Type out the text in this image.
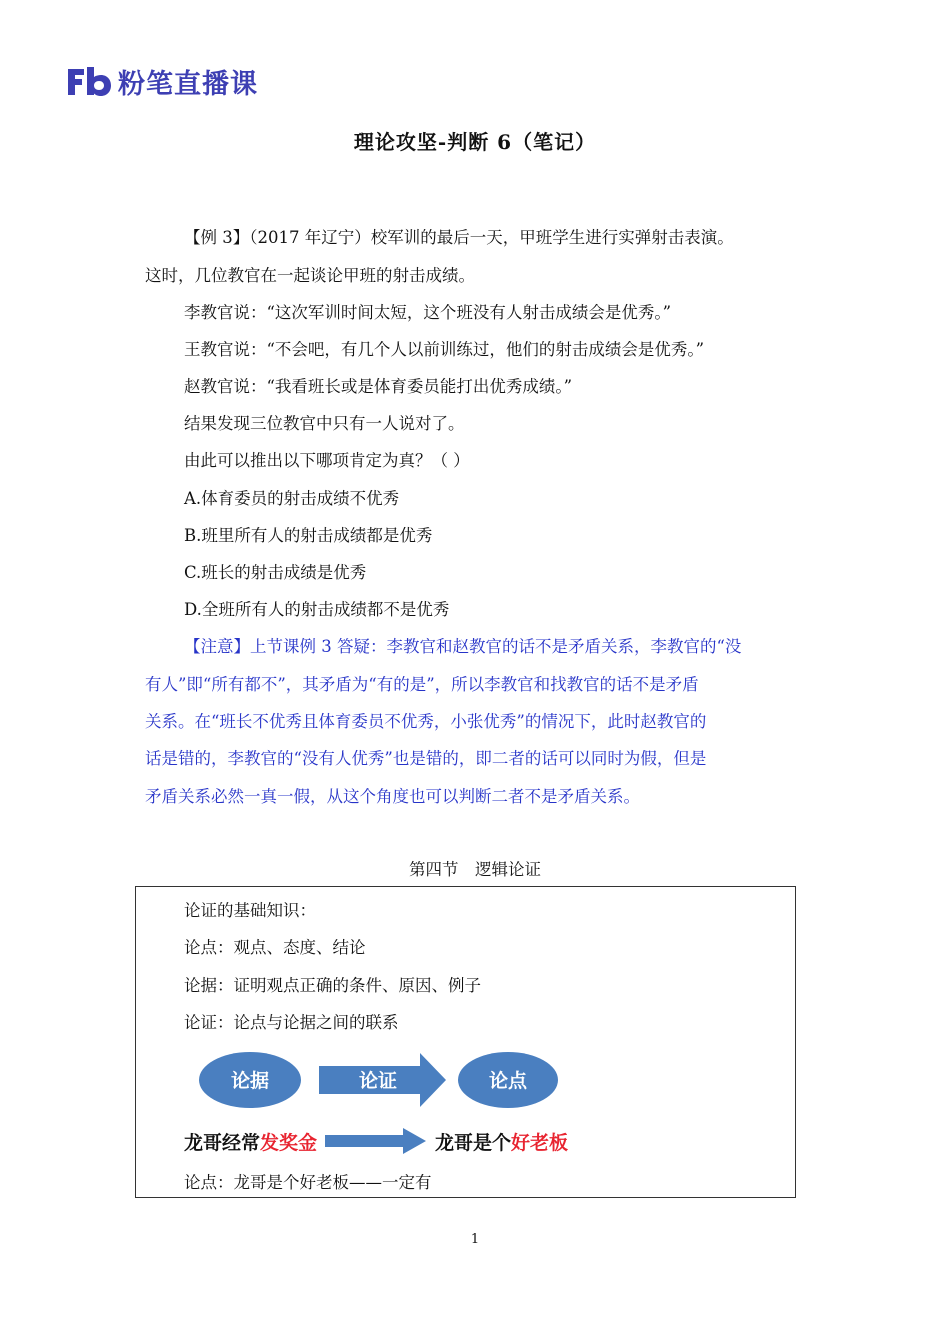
粉笔直播课
理论攻坚-判断 6（笔记）
【例 3】（2017 年辽宁）校军训的最后一天，甲班学生进行实弹射击表演。
这时，几位教官在一起谈论甲班的射击成绩。
李教官说：“这次军训时间太短，这个班没有人射击成绩会是优秀。”
王教官说：“不会吧，有几个人以前训练过，他们的射击成绩会是优秀。”
赵教官说：“我看班长或是体育委员能打出优秀成绩。”
结果发现三位教官中只有一人说对了。
由此可以推出以下哪项肯定为真？（ ）
A.体育委员的射击成绩不优秀
B.班里所有人的射击成绩都是优秀
C.班长的射击成绩是优秀
D.全班所有人的射击成绩都不是优秀
【注意】上节课例 3 答疑：李教官和赵教官的话不是矛盾关系，李教官的“没
有人”即“所有都不”，其矛盾为“有的是”，所以李教官和找教官的话不是矛盾
关系。在“班长不优秀且体育委员不优秀，小张优秀”的情况下，此时赵教官的
话是错的，李教官的“没有人优秀”也是错的，即二者的话可以同时为假，但是
矛盾关系必然一真一假，从这个角度也可以判断二者不是矛盾关系。
第四节　逻辑论证
论证的基础知识：
论点：观点、态度、结论
论据：证明观点正确的条件、原因、例子
论证：论点与论据之间的联系
论据	论证	论点
龙哥经常 发奖金	龙哥是个 好老板
论点：龙哥是个好老板——一定有
1
